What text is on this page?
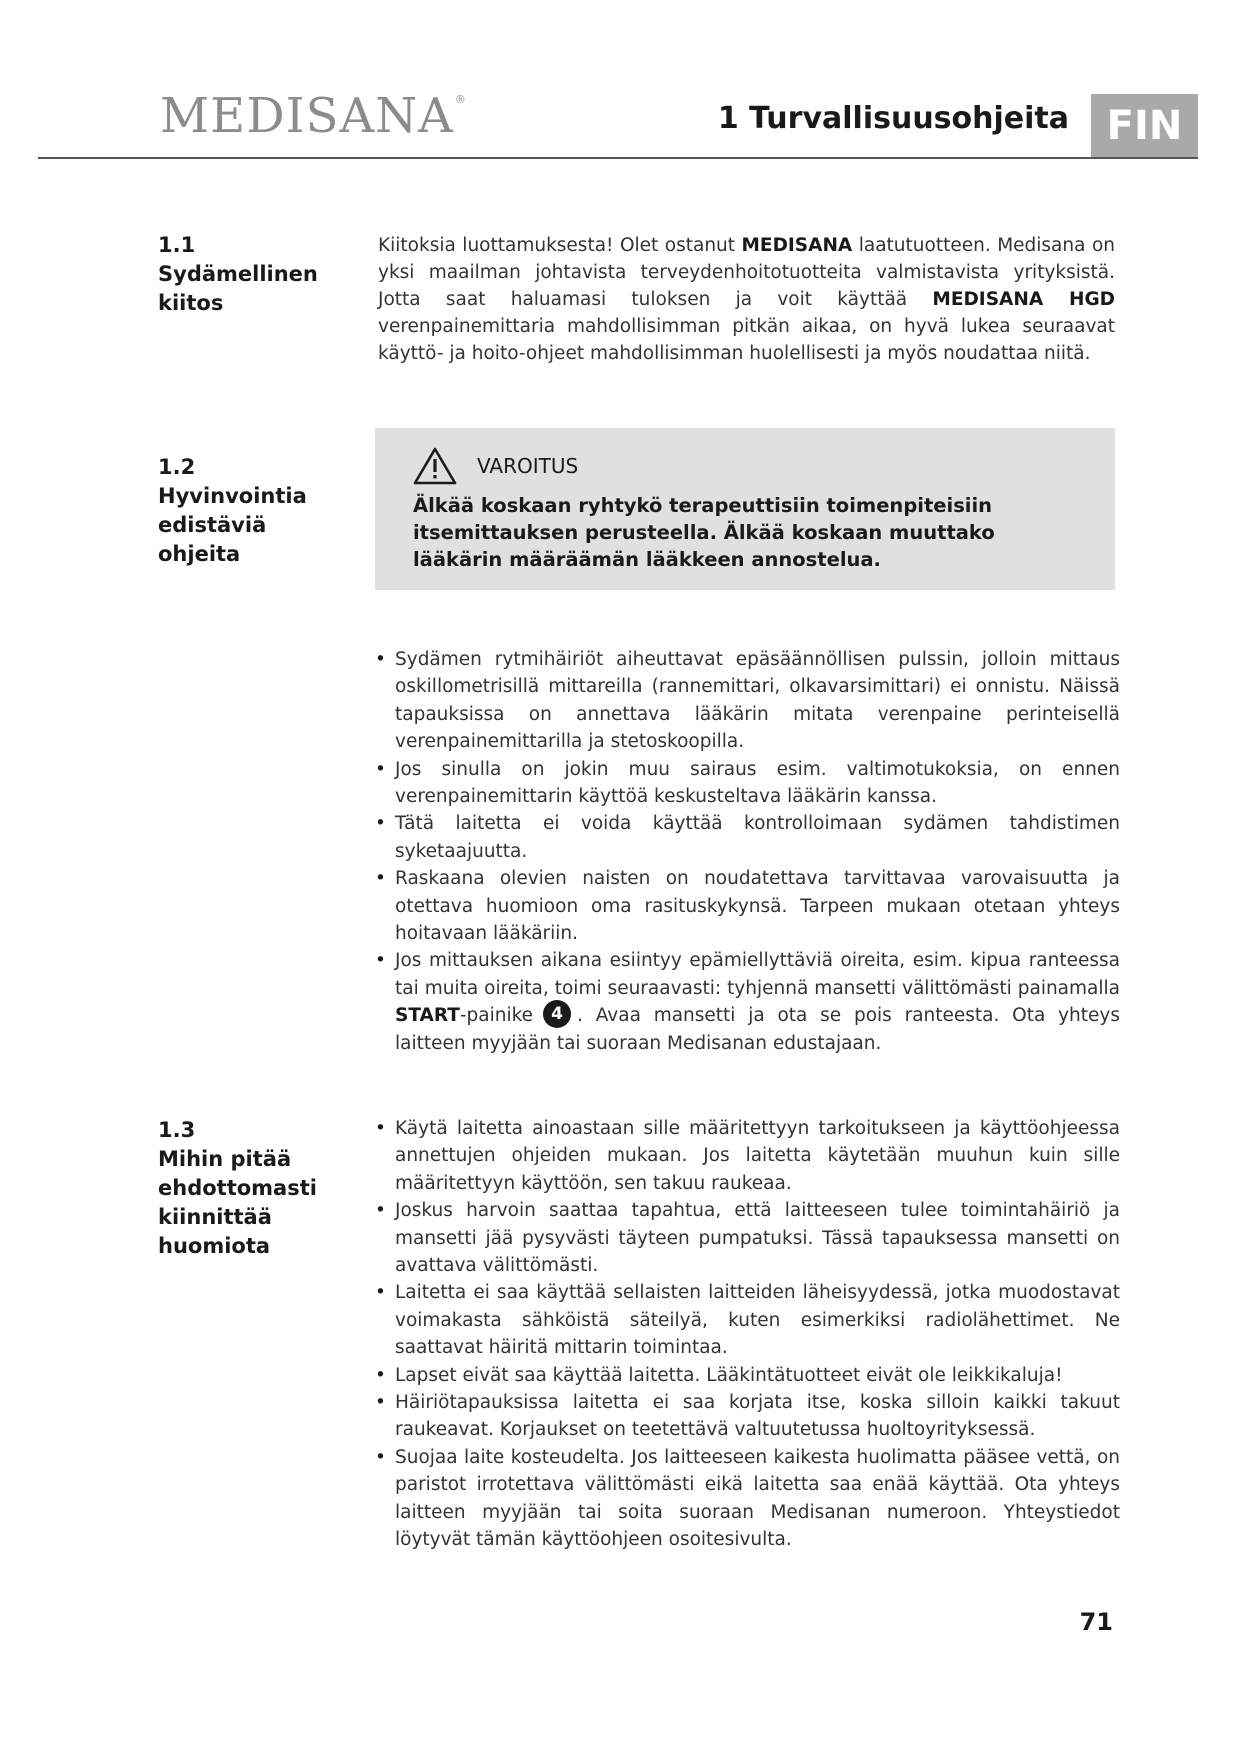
MEDISANA®
1 Turvallisuusohjeita FIN
1.1
Sydämellinen
kiitos
Kiitoksia luottamuksesta! Olet ostanut MEDISANA laatutuotteen. Medisana on yksi maailman johtavista terveydenhoitotuotteita valmistavista yrityksistä. Jotta saat haluamasi tuloksen ja voit käyttää MEDISANA HGD verenpainemittaria mahdollisimman pitkän aikaa, on hyvä lukea seuraavat käyttö- ja hoito-ohjeet mahdollisimman huolellisesti ja myös noudattaa niitä.
1.2
Hyvinvointia
edistäviä ohjeita
VAROITUS
Älkää koskaan ryhtykö terapeuttisiin toimenpiteisiin itsemittauksen perusteella. Älkää koskaan muuttako lääkärin määräämän lääkkeen annostelua.
• Sydämen rytmihäiriöt aiheuttavat epäsäännöllisen pulssin, jolloin mittaus oskillometrisillä mittareilla (rannemittari, olkavarsimittari) ei onnistu. Näissä tapauksissa on annettava lääkärin mitata verenpaine perinteisellä verenpainemittarilla ja stetoskoopilla.
• Jos sinulla on jokin muu sairaus esim. valtimotukoksia, on ennen verenpainemittarin käyttöä keskusteltava lääkärin kanssa.
• Tätä laitetta ei voida käyttää kontrolloimaan sydämen tahdistimen syketaajuutta.
• Raskaana olevien naisten on noudatettava tarvittavaa varovaisuutta ja otettava huomioon oma rasituskykynsä. Tarpeen mukaan otetaan yhteys hoitavaan lääkäriin.
• Jos mittauksen aikana esiintyy epämiellyttäviä oireita, esim. kipua ranteessa tai muita oireita, toimi seuraavasti: tyhjennä mansetti välittömästi painamalla START-painike 4 . Avaa mansetti ja ota se pois ranteesta. Ota yhteys laitteen myyjään tai suoraan Medisanan edustajaan.
1.3
Mihin pitää
ehdottomasti
kiinnittää
huomiota
• Käytä laitetta ainoastaan sille määritettyyn tarkoitukseen ja käyttöohjeessa annettujen ohjeiden mukaan. Jos laitetta käytetään muuhun kuin sille määritettyyn käyttöön, sen takuu raukeaa.
• Joskus harvoin saattaa tapahtua, että laitteeseen tulee toimintahäiriö ja mansetti jää pysyvästi täyteen pumpatuksi. Tässä tapauksessa mansetti on avattava välittömästi.
• Laitetta ei saa käyttää sellaisten laitteiden läheisyydessä, jotka muodostavat voimakasta sähköistä säteilyä, kuten esimerkiksi radiolähettimet. Ne saattavat häiritä mittarin toimintaa.
• Lapset eivät saa käyttää laitetta. Lääkintätuotteet eivät ole leikkikaluja!
• Häiriötapauksissa laitetta ei saa korjata itse, koska silloin kaikki takuut raukeavat. Korjaukset on teetettävä valtuutetussa huoltoyrityksessä.
• Suojaa laite kosteudelta. Jos laitteeseen kaikesta huolimatta pääsee vettä, on paristot irrotettava välittömästi eikä laitetta saa enää käyttää. Ota yhteys laitteen myyjään tai soita suoraan Medisanan numeroon. Yhteystiedot löytyvät tämän käyttöohjeen osoitesivulta.
71
